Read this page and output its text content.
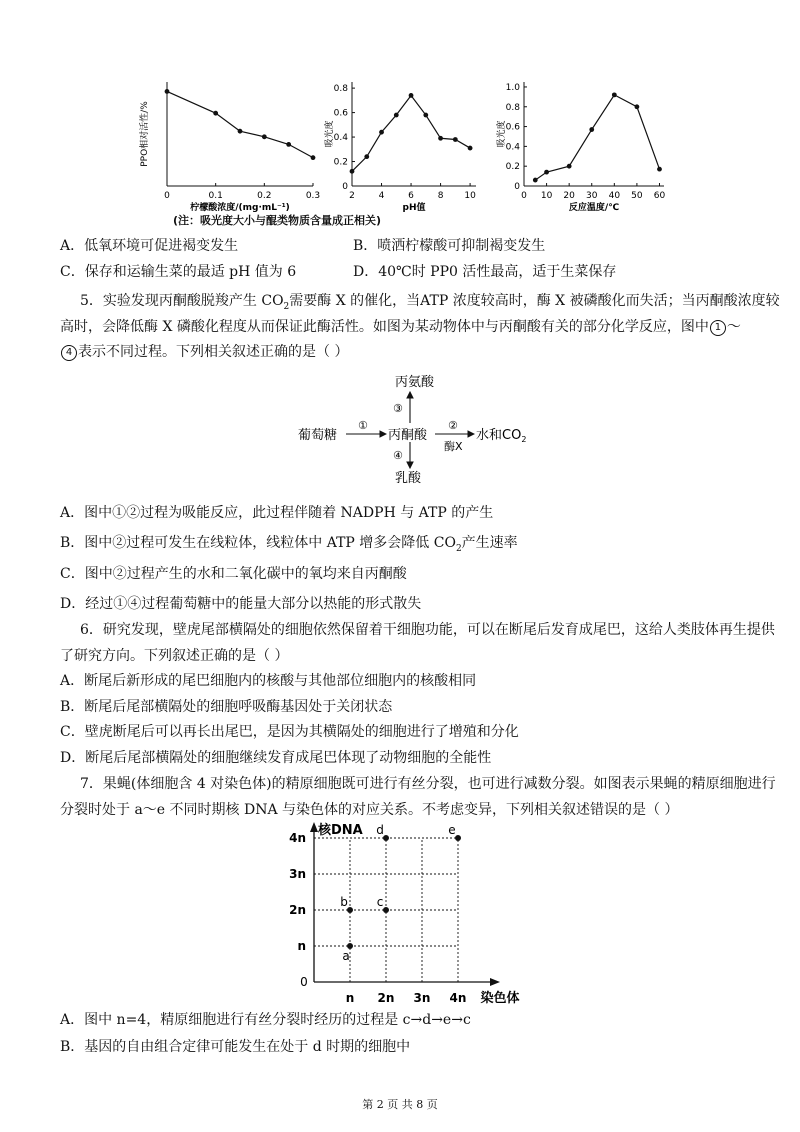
0	0.1	0.2	0.3
柠檬酸浓度/(mg·mL⁻¹)
PPO相对活性/%
2	4	6	8 10
0
0.2
0.4
0.6
0.8
pH值
吸光度
0 10 20 30 40 50 60
0
0.2
0.4
0.6
0.8
1.0
反应温度/℃
吸光度
(注：吸光度大小与醌类物质含量成正相关)
A．低氧环境可促进褐变发生	B．喷洒柠檬酸可抑制褐变发生
C．保存和运输生菜的最适 pH 值为 6	D．40℃时 PP0 活性最高，适于生菜保存
5．实验发现丙酮酸脱羧产生 $CO_2$需要酶 X 的催化，当ATP 浓度较高时，酶 X 被磷酸化而失活；当丙酮酸浓度较
高时，会降低酶 X 磷酸化程度从而保证此酶活性。如图为某动物体中与丙酮酸有关的部分化学反应，图中 1 ～
4 表示不同过程。下列相关叙述正确的是（ ）
丙氨酸
葡萄糖	丙酮酸	水和$CO_2$
乳酸
①	②
③
④
酶X
A．图中①②过程为吸能反应，此过程伴随着 NADPH 与 ATP 的产生
B．图中②过程可发生在线粒体，线粒体中 ATP 增多会降低 $CO_2$产生速率
C．图中②过程产生的水和二氧化碳中的氧均来自丙酮酸
D．经过①④过程葡萄糖中的能量大部分以热能的形式散失
6．研究发现，壁虎尾部横隔处的细胞依然保留着干细胞功能，可以在断尾后发育成尾巴，这给人类肢体再生提供
了研究方向。下列叙述正确的是（ ）
A．断尾后新形成的尾巴细胞内的核酸与其他部位细胞内的核酸相同
B．断尾后尾部横隔处的细胞呼吸酶基因处于关闭状态
C．壁虎断尾后可以再长出尾巴，是因为其横隔处的细胞进行了增殖和分化
D．断尾后尾部横隔处的细胞继续发育成尾巴体现了动物细胞的全能性
7．果蝇(体细胞含 4 对染色体)的精原细胞既可进行有丝分裂，也可进行减数分裂。如图表示果蝇的精原细胞进行
分裂时处于 a～e 不同时期核 DNA 与染色体的对应关系。不考虑变异，下列相关叙述错误的是（ ）
0
核DNA
染色体
n 2n 3n 4n
n
2n
3n
4n
a
b c
d	e
A．图中 n=4，精原细胞进行有丝分裂时经历的过程是 c→d→e→c
B．基因的自由组合定律可能发生在处于 d 时期的细胞中
第 2 页 共 8 页
